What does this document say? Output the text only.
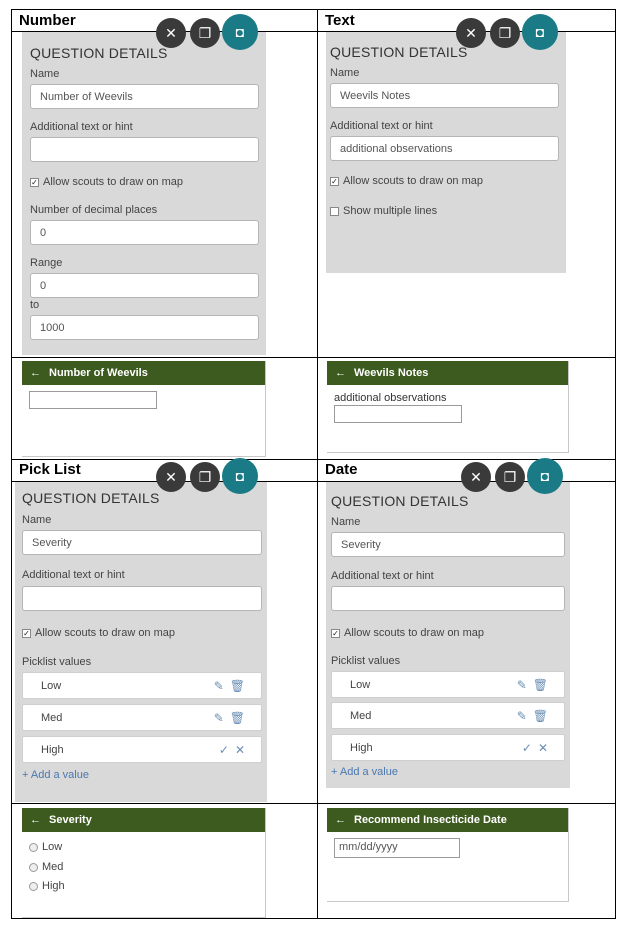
Number	Text
Pick List	Date
✕	❐	◘
QUESTION DETAILS
Name
Number of Weevils
Additional text or hint
✓ Allow scouts to draw on map
Number of decimal places
0
Range
0
to
1000
✕	❐	◘
QUESTION DETAILS
Name
Weevils Notes
Additional text or hint
additional observations
✓ Allow scouts to draw on map
Show multiple lines
← Number of Weevils	← Weevils Notes
additional observations
✕	❐	◘
QUESTION DETAILS
Name
Severity
Additional text or hint
✓ Allow scouts to draw on map
Picklist values
Low	✎🗑
Med	✎🗑
High	✓✕
+ Add a value
✕	❐	◘
QUESTION DETAILS
Name
Severity
Additional text or hint
✓ Allow scouts to draw on map
Picklist values
Low	✎🗑
Med	✎🗑
High	✓✕
+ Add a value
← Severity
Low
Med
High
← Recommend Insecticide Date
mm/dd/yyyy
